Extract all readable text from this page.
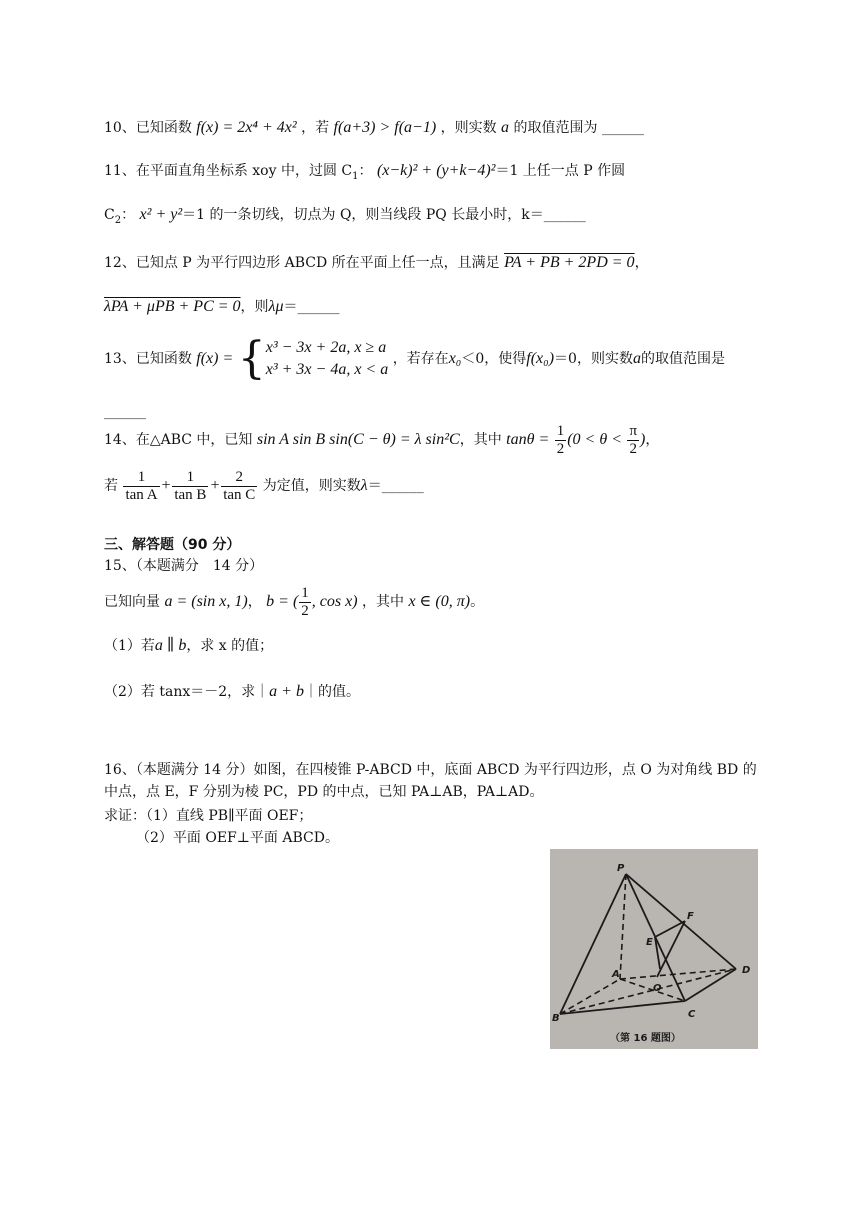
10、已知函数 f(x) = 2x⁴ + 4x² ，若 f(a+3) > f(a−1) ，则实数 a 的取值范围为 ______
11、在平面直角坐标系 xoy 中，过圆 $C_1$： (x−k)² + (y+k−4)²＝1 上任一点 P 作圆
$C_2$： x² + y²＝1 的一条切线，切点为 Q，则当线段 PQ 长最小时，k＝______
12、已知点 P 为平行四边形 ABCD 所在平面上任一点，且满足 PA + PB + 2PD = 0，
λPA + μPB + PC = 0，则λμ＝______
13、已知函数 f(x) = { x³ − 3x + 2a, x ≥ a
x³ + 3x − 4a, x < a
，若存在x₀＜0，使得f(x₀)＝0，则实数a的取值范围是
______
14、在△ABC 中，已知 sin A sin B sin(C − θ) = λ sin²C，其中 $\tan\theta = \frac{1}{2} (0 < \theta < \frac{\pi}{2}$ )，
若 $\frac{1}{\text{tan A}} + \frac{1}{\text{tan B}} + \frac{2}{\text{tan C}}$ 为定值，则实数λ＝______
三、解答题（90 分）
15、（本题满分　14 分）
已知向量 a = (sin x, 1)， b = ( $\frac{1}{2}$ , cos x) ，其中 x ∈ (0, π)。
（1）若a ∥ b，求 x 的值；
（2）若 tanx＝－2，求｜a + b｜的值。
16、（本题满分 14 分）如图，在四棱锥 P-ABCD 中，底面 ABCD 为平行四边形，点 O 为对角线 BD 的中点，点 E，F 分别为棱 PC，PD 的中点，已知 PA⊥AB，PA⊥AD。
求证：（1）直线 PB∥平面 OEF；
（2）平面 OEF⊥平面 ABCD。
P
A
B	C
D
E
F
O
（第 16 题图）
